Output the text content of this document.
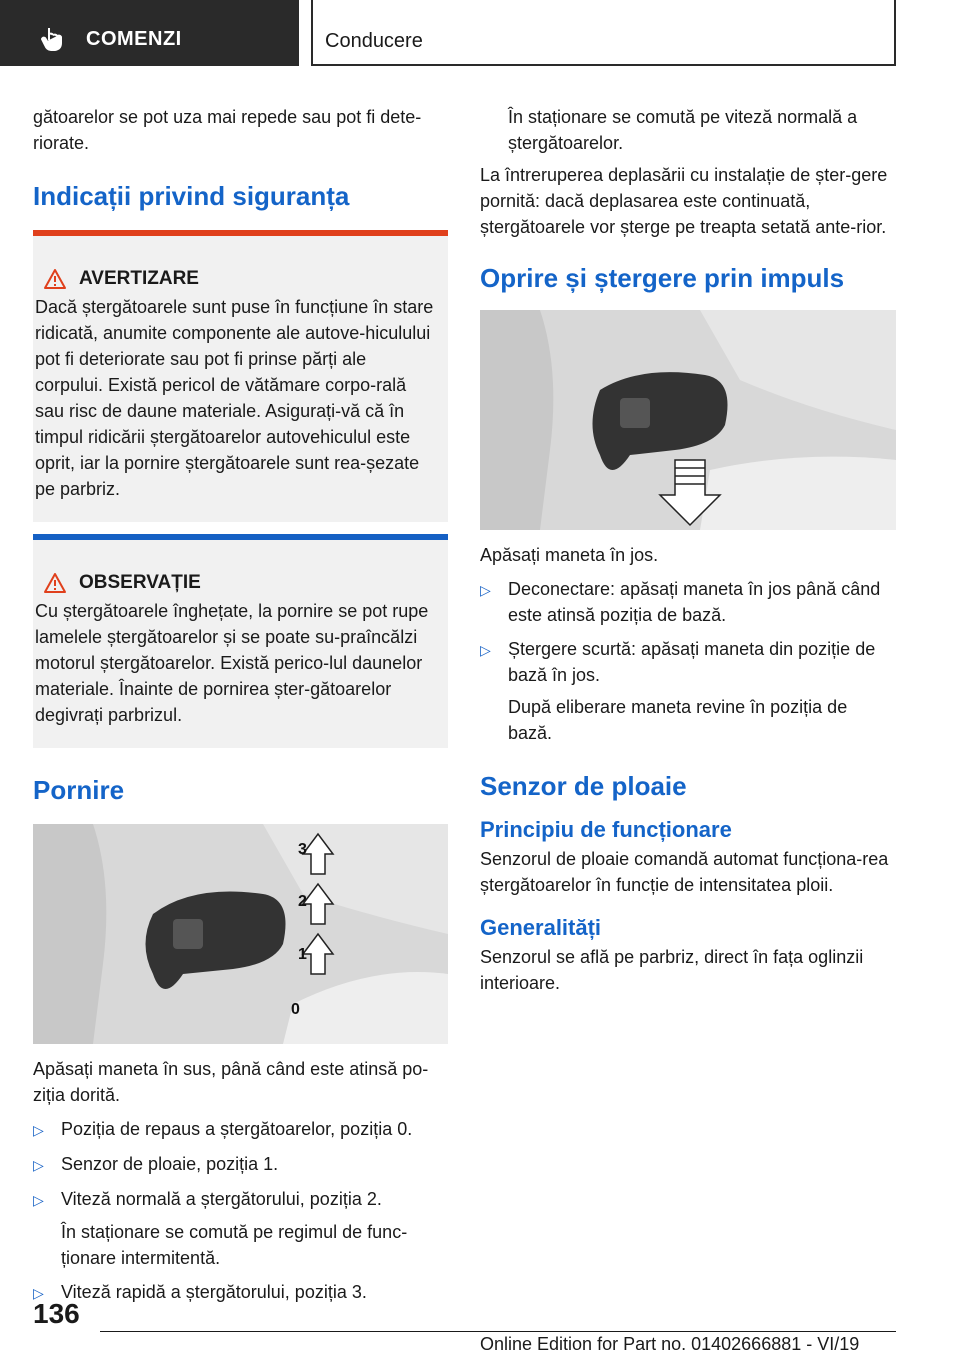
COMENZI	Conducere

gătoarelor se pot uza mai repede sau pot fi dete-riorate.

Indicații privind siguranța
AVERTIZARE

Dacă ștergătoarele sunt puse în funcțiune în stare ridicată, anumite componente ale autove-hiculului pot fi deteriorate sau pot fi prinse părți ale corpului. Există pericol de vătămare corpo-rală sau risc de daune materiale. Asigurați-vă că în timpul ridicării ștergătoarelor autovehiculul este oprit, iar la pornire ștergătoarele sunt rea-șezate pe parbriz.

OBSERVAȚIE

Cu ștergătoarele înghețate, la pornire se pot rupe lamelele ștergătoarelor și se poate su-praîncălzi motorul ștergătoarelor. Există perico-lul daunelor materiale. Înainte de pornirea șter-gătoarelor degivrați parbrizul.

Pornire
3
2
1
0

Apăsați maneta în sus, până când este atinsă po-ziția dorită.

▷ Poziția de repaus a ștergătoarelor, poziția 0.
▷ Senzor de ploaie, poziția 1.
▷ Viteză normală a ștergătorului, poziția 2.

În staționare se comută pe regimul de func-ționare intermitentă.

▷ Viteză rapidă a ștergătorului, poziția 3.

În staționare se comută pe viteză normală a ștergătoarelor.

La întreruperea deplasării cu instalație de șter-gere pornită: dacă deplasarea este continuată, ștergătoarele vor șterge pe treapta setată ante-rior.

Oprire și ștergere prin impuls

Apăsați maneta în jos.

▷ Deconectare: apăsați maneta în jos până când este atinsă poziția de bază.
▷ Ștergere scurtă: apăsați maneta din poziție de bază în jos.

După eliberare maneta revine în poziția de bază.

Senzor de ploaie
Principiu de funcționare

Senzorul de ploaie comandă automat funcționa-rea ștergătoarelor în funcție de intensitatea ploii.

Generalități

Senzorul se află pe parbriz, direct în fața oglinzii interioare.

136
Online Edition for Part no. 01402666881 - VI/19
